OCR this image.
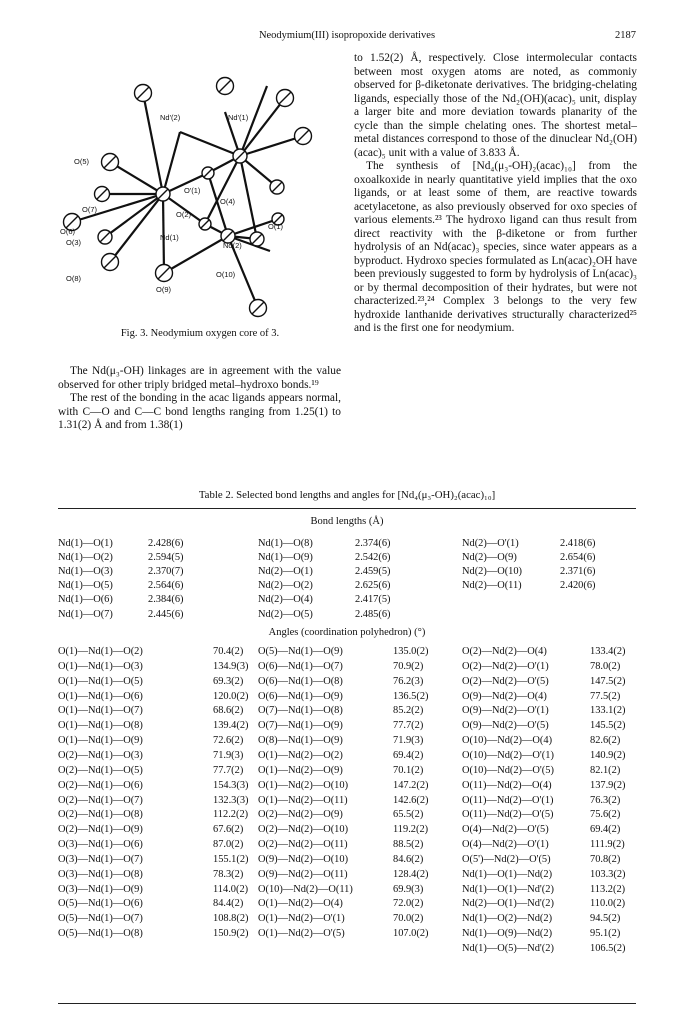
Neodymium(III) isopropoxide derivatives	2187
Nd'(2)	Nd'(1)
O(5)
O'(1)
O(4)
O(7)
O(2)
O(6)
O(1)
O(3)
Nd(1)
Nd(2)
O(8)
O(9)
O(10)
Fig. 3. Neodymium oxygen core of 3.

to 1.52(2) Å, respectively. Close intermolecular contacts between most oxygen atoms are noted, as commoniy observed for β-diketonate derivatives. The bridging-chelating ligands, especially those of the Nd₂(OH)(acac)₅ unit, display a larger bite and more deviation towards planarity of the cycle than the simple chelating ones. The shortest metal–metal distances correspond to those of the dinuclear Nd₂(OH)(acac)₅ unit with a value of 3.833 Å.

The synthesis of [Nd₄(μ₃-OH)₂(acac)₁₀] from the oxoalkoxide in nearly quantitative yield implies that the oxo ligands, or at least some of them, are reactive towards acetylacetone, as also previously observed for oxo species of various elements.²³ The hydroxo ligand can thus result from direct reactivity with the β-diketone or from further hydrolysis of an Nd(acac)₃ species, since water appears as a byproduct. Hydroxo species formulated as Ln(acac)₂OH have been previously suggested to form by hydrolysis of Ln(acac)₃ or by thermal decomposition of their hydrates, but were not characterized.²³,²⁴ Complex 3 belongs to the very few hydroxide lanthanide derivatives structurally characterized²⁵ and is the first one for neodymium.

The Nd(μ₃-OH) linkages are in agreement with the value observed for other triply bridged metal–hydroxo bonds.¹⁹

The rest of the bonding in the acac ligands appears normal, with C—O and C—C bond lengths ranging from 1.25(1) to 1.31(2) Å and from 1.38(1)

Table 2. Selected bond lengths and angles for [Nd₄(μ₃-OH)₂(acac)₁₀]
Bond lengths (Å)
Nd(1)—O(1)	2.428(6)	Nd(1)—O(8)	2.374(6)	Nd(2)—O'(1)	2.418(6)
Nd(1)—O(2)	2.594(5)	Nd(1)—O(9)	2.542(6)	Nd(2)—O(9)	2.654(6)
Nd(1)—O(3)	2.370(7)	Nd(2)—O(1)	2.459(5)	Nd(2)—O(10)	2.371(6)
Nd(1)—O(5)	2.564(6)	Nd(2)—O(2)	2.625(6)	Nd(2)—O(11)	2.420(6)
Nd(1)—O(6)	2.384(6)	Nd(2)—O(4)	2.417(5)
Nd(1)—O(7)	2.445(6)	Nd(2)—O(5)	2.485(6)
Angles (coordination polyhedron) (°)
O(1)—Nd(1)—O(2)	70.4(2) O(5)—Nd(1)—O(9)	135.0(2)	O(2)—Nd(2)—O(4)	133.4(2)
O(1)—Nd(1)—O(3)	134.9(3) O(6)—Nd(1)—O(7)	70.9(2)	O(2)—Nd(2)—O'(1)	78.0(2)
O(1)—Nd(1)—O(5)	69.3(2) O(6)—Nd(1)—O(8)	76.2(3)	O(2)—Nd(2)—O'(5)	147.5(2)
O(1)—Nd(1)—O(6)	120.0(2) O(6)—Nd(1)—O(9)	136.5(2)	O(9)—Nd(2)—O(4)	77.5(2)
O(1)—Nd(1)—O(7)	68.6(2) O(7)—Nd(1)—O(8)	85.2(2)	O(9)—Nd(2)—O'(1)	133.1(2)
O(1)—Nd(1)—O(8)	139.4(2) O(7)—Nd(1)—O(9)	77.7(2)	O(9)—Nd(2)—O'(5)	145.5(2)
O(1)—Nd(1)—O(9)	72.6(2) O(8)—Nd(1)—O(9)	71.9(3)	O(10)—Nd(2)—O(4)	82.6(2)
O(2)—Nd(1)—O(3)	71.9(3) O(1)—Nd(2)—O(2)	69.4(2)	O(10)—Nd(2)—O'(1)	140.9(2)
O(2)—Nd(1)—O(5)	77.7(2) O(1)—Nd(2)—O(9)	70.1(2)	O(10)—Nd(2)—O'(5)	82.1(2)
O(2)—Nd(1)—O(6)	154.3(3) O(1)—Nd(2)—O(10)	147.2(2)	O(11)—Nd(2)—O(4)	137.9(2)
O(2)—Nd(1)—O(7)	132.3(3) O(1)—Nd(2)—O(11)	142.6(2)	O(11)—Nd(2)—O'(1)	76.3(2)
O(2)—Nd(1)—O(8)	112.2(2) O(2)—Nd(2)—O(9)	65.5(2)	O(11)—Nd(2)—O'(5)	75.6(2)
O(2)—Nd(1)—O(9)	67.6(2) O(2)—Nd(2)—O(10)	119.2(2)	O(4)—Nd(2)—O'(5)	69.4(2)
O(3)—Nd(1)—O(6)	87.0(2) O(2)—Nd(2)—O(11)	88.5(2)	O(4)—Nd(2)—O'(1)	111.9(2)
O(3)—Nd(1)—O(7)	155.1(2) O(9)—Nd(2)—O(10)	84.6(2)	O(5')—Nd(2)—O'(5)	70.8(2)
O(3)—Nd(1)—O(8)	78.3(2) O(9)—Nd(2)—O(11)	128.4(2)	Nd(1)—O(1)—Nd(2)	103.3(2)
O(3)—Nd(1)—O(9)	114.0(2) O(10)—Nd(2)—O(11)	69.9(3)	Nd(1)—O(1)—Nd'(2)	113.2(2)
O(5)—Nd(1)—O(6)	84.4(2) O(1)—Nd(2)—O(4)	72.0(2)	Nd(2)—O(1)—Nd'(2)	110.0(2)
O(5)—Nd(1)—O(7)	108.8(2) O(1)—Nd(2)—O'(1)	70.0(2)	Nd(1)—O(2)—Nd(2)	94.5(2)
O(5)—Nd(1)—O(8)	150.9(2) O(1)—Nd(2)—O'(5)	107.0(2)	Nd(1)—O(9)—Nd(2)	95.1(2)
Nd(1)—O(5)—Nd'(2)	106.5(2)
